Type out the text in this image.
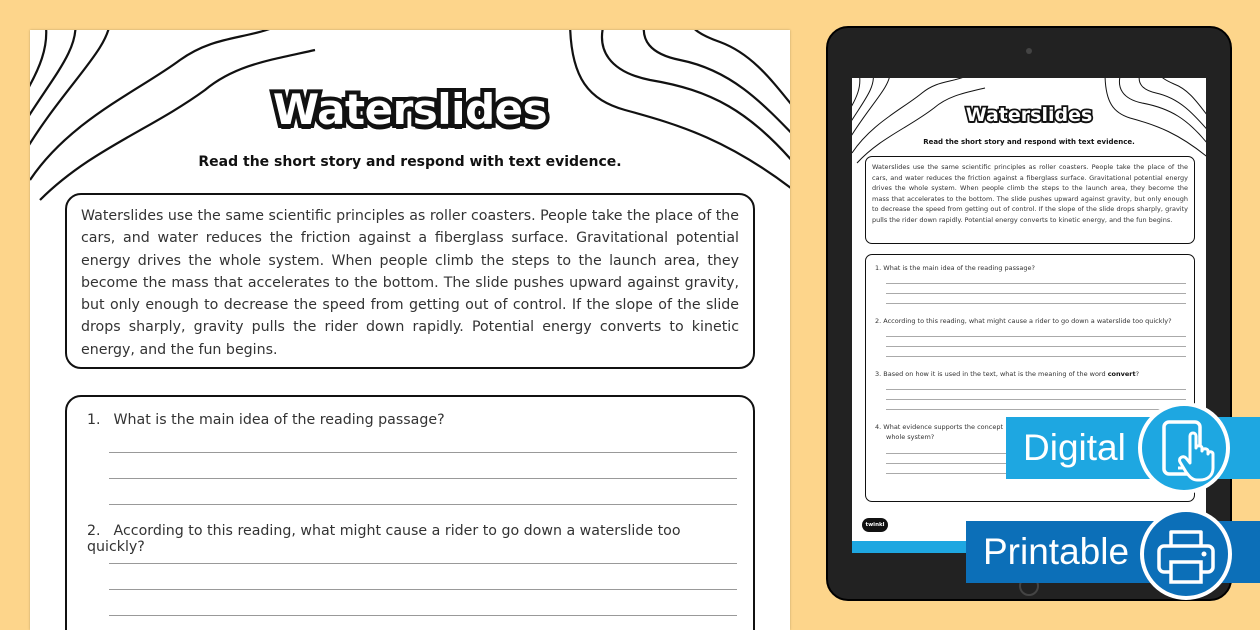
Waterslides
Read the short story and respond with text evidence.

Waterslides use the same scientific principles as roller coasters. People take the place of the cars, and water reduces the friction against a fiberglass surface. Gravitational potential energy drives the whole system. When people climb the steps to the launch area, they become the mass that accelerates to the bottom. The slide pushes upward against gravity, but only enough to decrease the speed from getting out of control. If the slope of the slide drops sharply, gravity pulls the rider down rapidly. Potential energy converts to kinetic energy, and the fun begins.

1. What is the main idea of the reading passage?
2. According to this reading, what might cause a rider to go down a waterslide too quickly?
Waterslides
Read the short story and respond with text evidence.

Waterslides use the same scientific principles as roller coasters. People take the place of the cars, and water reduces the friction against a fiberglass surface. Gravitational potential energy drives the whole system. When people climb the steps to the launch area, they become the mass that accelerates to the bottom. The slide pushes upward against gravity, but only enough to decrease the speed from getting out of control. If the slope of the slide drops sharply, gravity pulls the rider down rapidly. Potential energy converts to kinetic energy, and the fun begins.

1. What is the main idea of the reading passage?
2. According to this reading, what might cause a rider to go down a waterslide too quickly?
3. Based on how it is used in the text, what is the meaning of the word convert?
4. What evidence supports the concept
whole system?
twinkl
Digital
Printable
